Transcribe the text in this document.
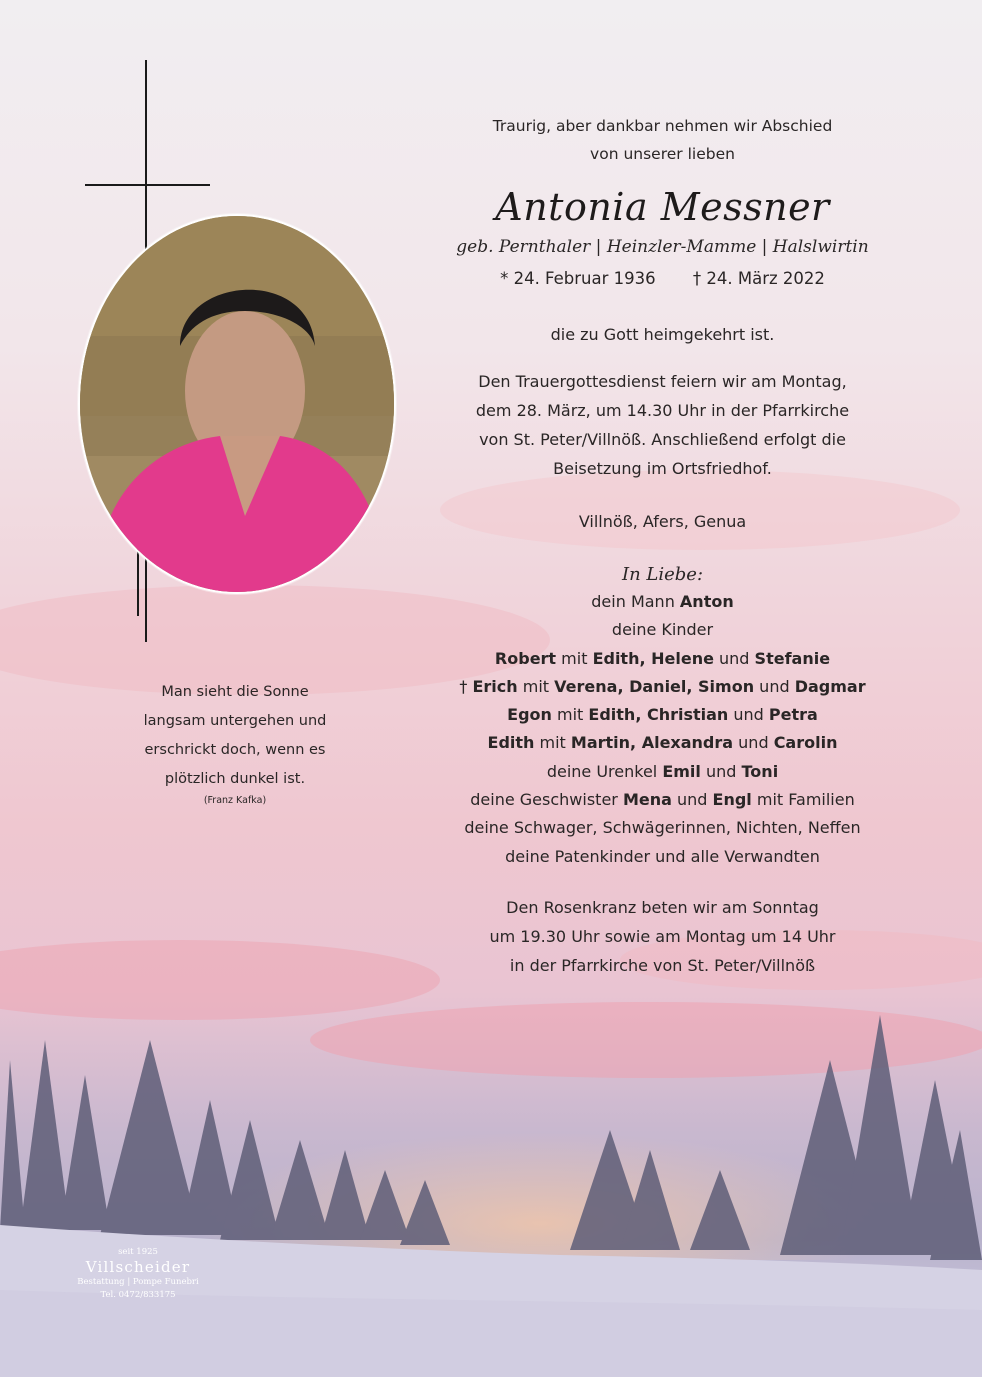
Man sieht die Sonne
langsam untergehen und
erschrickt doch, wenn es
plötzlich dunkel ist.
(Franz Kafka)
Traurig, aber dankbar nehmen wir Abschied
von unserer lieben
Antonia Messner
geb. Pernthaler | Heinzler-Mamme | Halslwirtin
* 24. Februar 1936 † 24. März 2022
die zu Gott heimgekehrt ist.
Den Trauergottesdienst feiern wir am Montag,
dem 28. März, um 14.30 Uhr in der Pfarrkirche
von St. Peter/Villnöß. Anschließend erfolgt die
Beisetzung im Ortsfriedhof.
Villnöß, Afers, Genua
In Liebe:
dein Mann Anton
deine Kinder
Robert mit Edith, Helene und Stefanie
† Erich mit Verena, Daniel, Simon und Dagmar
Egon mit Edith, Christian und Petra
Edith mit Martin, Alexandra und Carolin
deine Urenkel Emil und Toni
deine Geschwister Mena und Engl mit Familien
deine Schwager, Schwägerinnen, Nichten, Neffen
deine Patenkinder und alle Verwandten
Den Rosenkranz beten wir am Sonntag
um 19.30 Uhr sowie am Montag um 14 Uhr
in der Pfarrkirche von St. Peter/Villnöß
seit 1925
Villscheider
Bestattung | Pompe Funebri
Tel. 0472/833175
